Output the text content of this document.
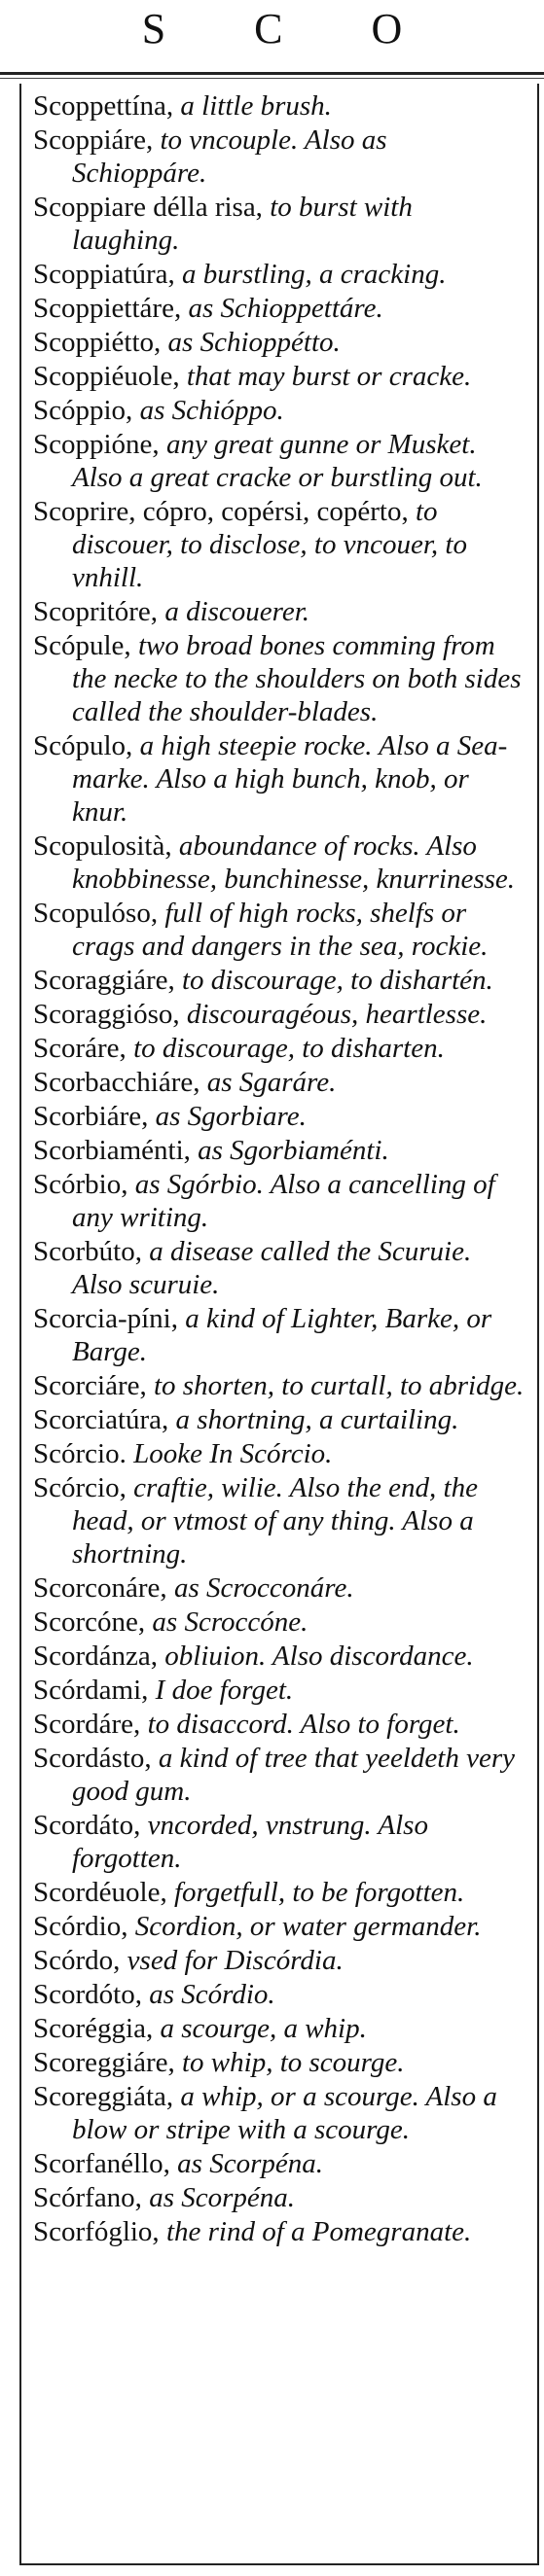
S C O
Scoppettína, a little brush.
Scoppiáre, to vncouple. Also as Schioppáre.
Scoppiare délla risa, to burst with laughing.
Scoppiatúra, a burstling, a cracking.
Scoppiettáre, as Schioppettáre.
Scoppiétto, as Schioppétto.
Scoppiéuole, that may burst or cracke.
Scóppio, as Schióppo.
Scoppióne, any great gunne or Musket. Also a great cracke or burstling out.
Scoprire, cópro, copérsi, copérto, to discouer, to disclose, to vncouer, to vnhill.
Scopritóre, a discouerer.
Scópule, two broad bones comming from the necke to the shoulders on both sides called the shoulder-blades.
Scópulo, a high steepie rocke. Also a Sea-marke. Also a high bunch, knob, or knur.
Scopulosità, aboundance of rocks. Also knobbinesse, bunchinesse, knurrinesse.
Scopulóso, full of high rocks, shelfs or crags and dangers in the sea, rockie.
Scoraggiáre, to discourage, to dishartén.
Scoraggióso, discouragéous, heartlesse.
Scoráre, to discourage, to disharten.
Scorbacchiáre, as Sgaráre.
Scorbiáre, as Sgorbiare.
Scorbiaménti, as Sgorbiaménti.
Scórbio, as Sgórbio. Also a cancelling of any writing.
Scorbúto, a disease called the Scuruie. Also scuruie.
Scorcia-píni, a kind of Lighter, Barke, or Barge.
Scorciáre, to shorten, to curtall, to abridge.
Scorciatúra, a shortning, a curtailing.
Scórcio. Looke In Scórcio.
Scórcio, craftie, wilie. Also the end, the head, or vtmost of any thing. Also a shortning.
Scorconáre, as Scrocconáre.
Scorcóne, as Scroccóne.
Scordánza, obliuion. Also discordance.
Scórdami, I doe forget.
Scordáre, to disaccord. Also to forget.
Scordásto, a kind of tree that yeeldeth very good gum.
Scordáto, vncorded, vnstrung. Also forgotten.
Scordéuole, forgetfull, to be forgotten.
Scórdio, Scordion, or water germander.
Scórdo, vsed for Discórdia.
Scordóto, as Scórdio.
Scoréggia, a scourge, a whip.
Scoreggiáre, to whip, to scourge.
Scoreggiáta, a whip, or a scourge. Also a blow or stripe with a scourge.
Scorfanéllo, as Scorpéna.
Scórfano, as Scorpéna.
Scorfóglio, the rind of a Pomegranate.
